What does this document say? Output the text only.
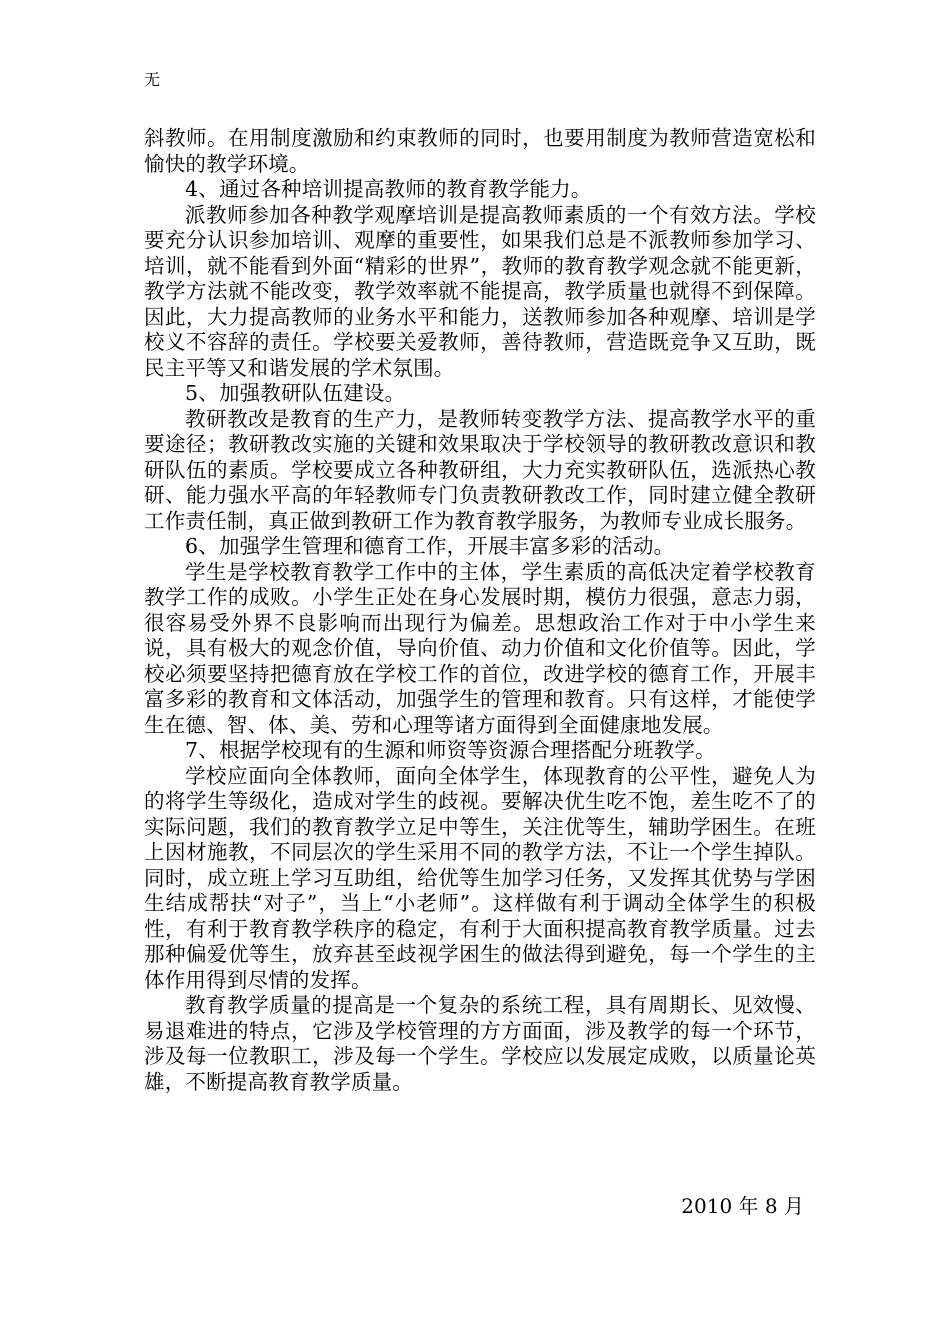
无

斜教师。在用制度激励和约束教师的同时，也要用制度为教师营造宽松和愉快的教学环境。

4、通过各种培训提高教师的教育教学能力。

派教师参加各种教学观摩培训是提高教师素质的一个有效方法。学校要充分认识参加培训、观摩的重要性，如果我们总是不派教师参加学习、培训，就不能看到外面“精彩的世界”，教师的教育教学观念就不能更新，教学方法就不能改变，教学效率就不能提高，教学质量也就得不到保障。因此，大力提高教师的业务水平和能力，送教师参加各种观摩、培训是学校义不容辞的责任。学校要关爱教师，善待教师，营造既竞争又互助，既民主平等又和谐发展的学术氛围。

5、加强教研队伍建设。

教研教改是教育的生产力，是教师转变教学方法、提高教学水平的重要途径；教研教改实施的关键和效果取决于学校领导的教研教改意识和教研队伍的素质。学校要成立各种教研组，大力充实教研队伍，选派热心教研、能力强水平高的年轻教师专门负责教研教改工作，同时建立健全教研工作责任制，真正做到教研工作为教育教学服务，为教师专业成长服务。

6、加强学生管理和德育工作，开展丰富多彩的活动。

学生是学校教育教学工作中的主体，学生素质的高低决定着学校教育教学工作的成败。小学生正处在身心发展时期，模仿力很强，意志力弱，很容易受外界不良影响而出现行为偏差。思想政治工作对于中小学生来说，具有极大的观念价值，导向价值、动力价值和文化价值等。因此，学校必须要坚持把德育放在学校工作的首位，改进学校的德育工作，开展丰富多彩的教育和文体活动，加强学生的管理和教育。只有这样，才能使学生在德、智、体、美、劳和心理等诸方面得到全面健康地发展。

7、根据学校现有的生源和师资等资源合理搭配分班教学。

学校应面向全体教师，面向全体学生，体现教育的公平性，避免人为的将学生等级化，造成对学生的歧视。要解决优生吃不饱，差生吃不了的实际问题，我们的教育教学立足中等生，关注优等生，辅助学困生。在班上因材施教，不同层次的学生采用不同的教学方法，不让一个学生掉队。同时，成立班上学习互助组，给优等生加学习任务，又发挥其优势与学困生结成帮扶“对子”，当上“小老师”。这样做有利于调动全体学生的积极性，有利于教育教学秩序的稳定，有利于大面积提高教育教学质量。过去那种偏爱优等生，放弃甚至歧视学困生的做法得到避免，每一个学生的主体作用得到尽情的发挥。

教育教学质量的提高是一个复杂的系统工程，具有周期长、见效慢、易退难进的特点，它涉及学校管理的方方面面，涉及教学的每一个环节，涉及每一位教职工，涉及每一个学生。学校应以发展定成败，以质量论英雄，不断提高教育教学质量。

2010 年 8 月
